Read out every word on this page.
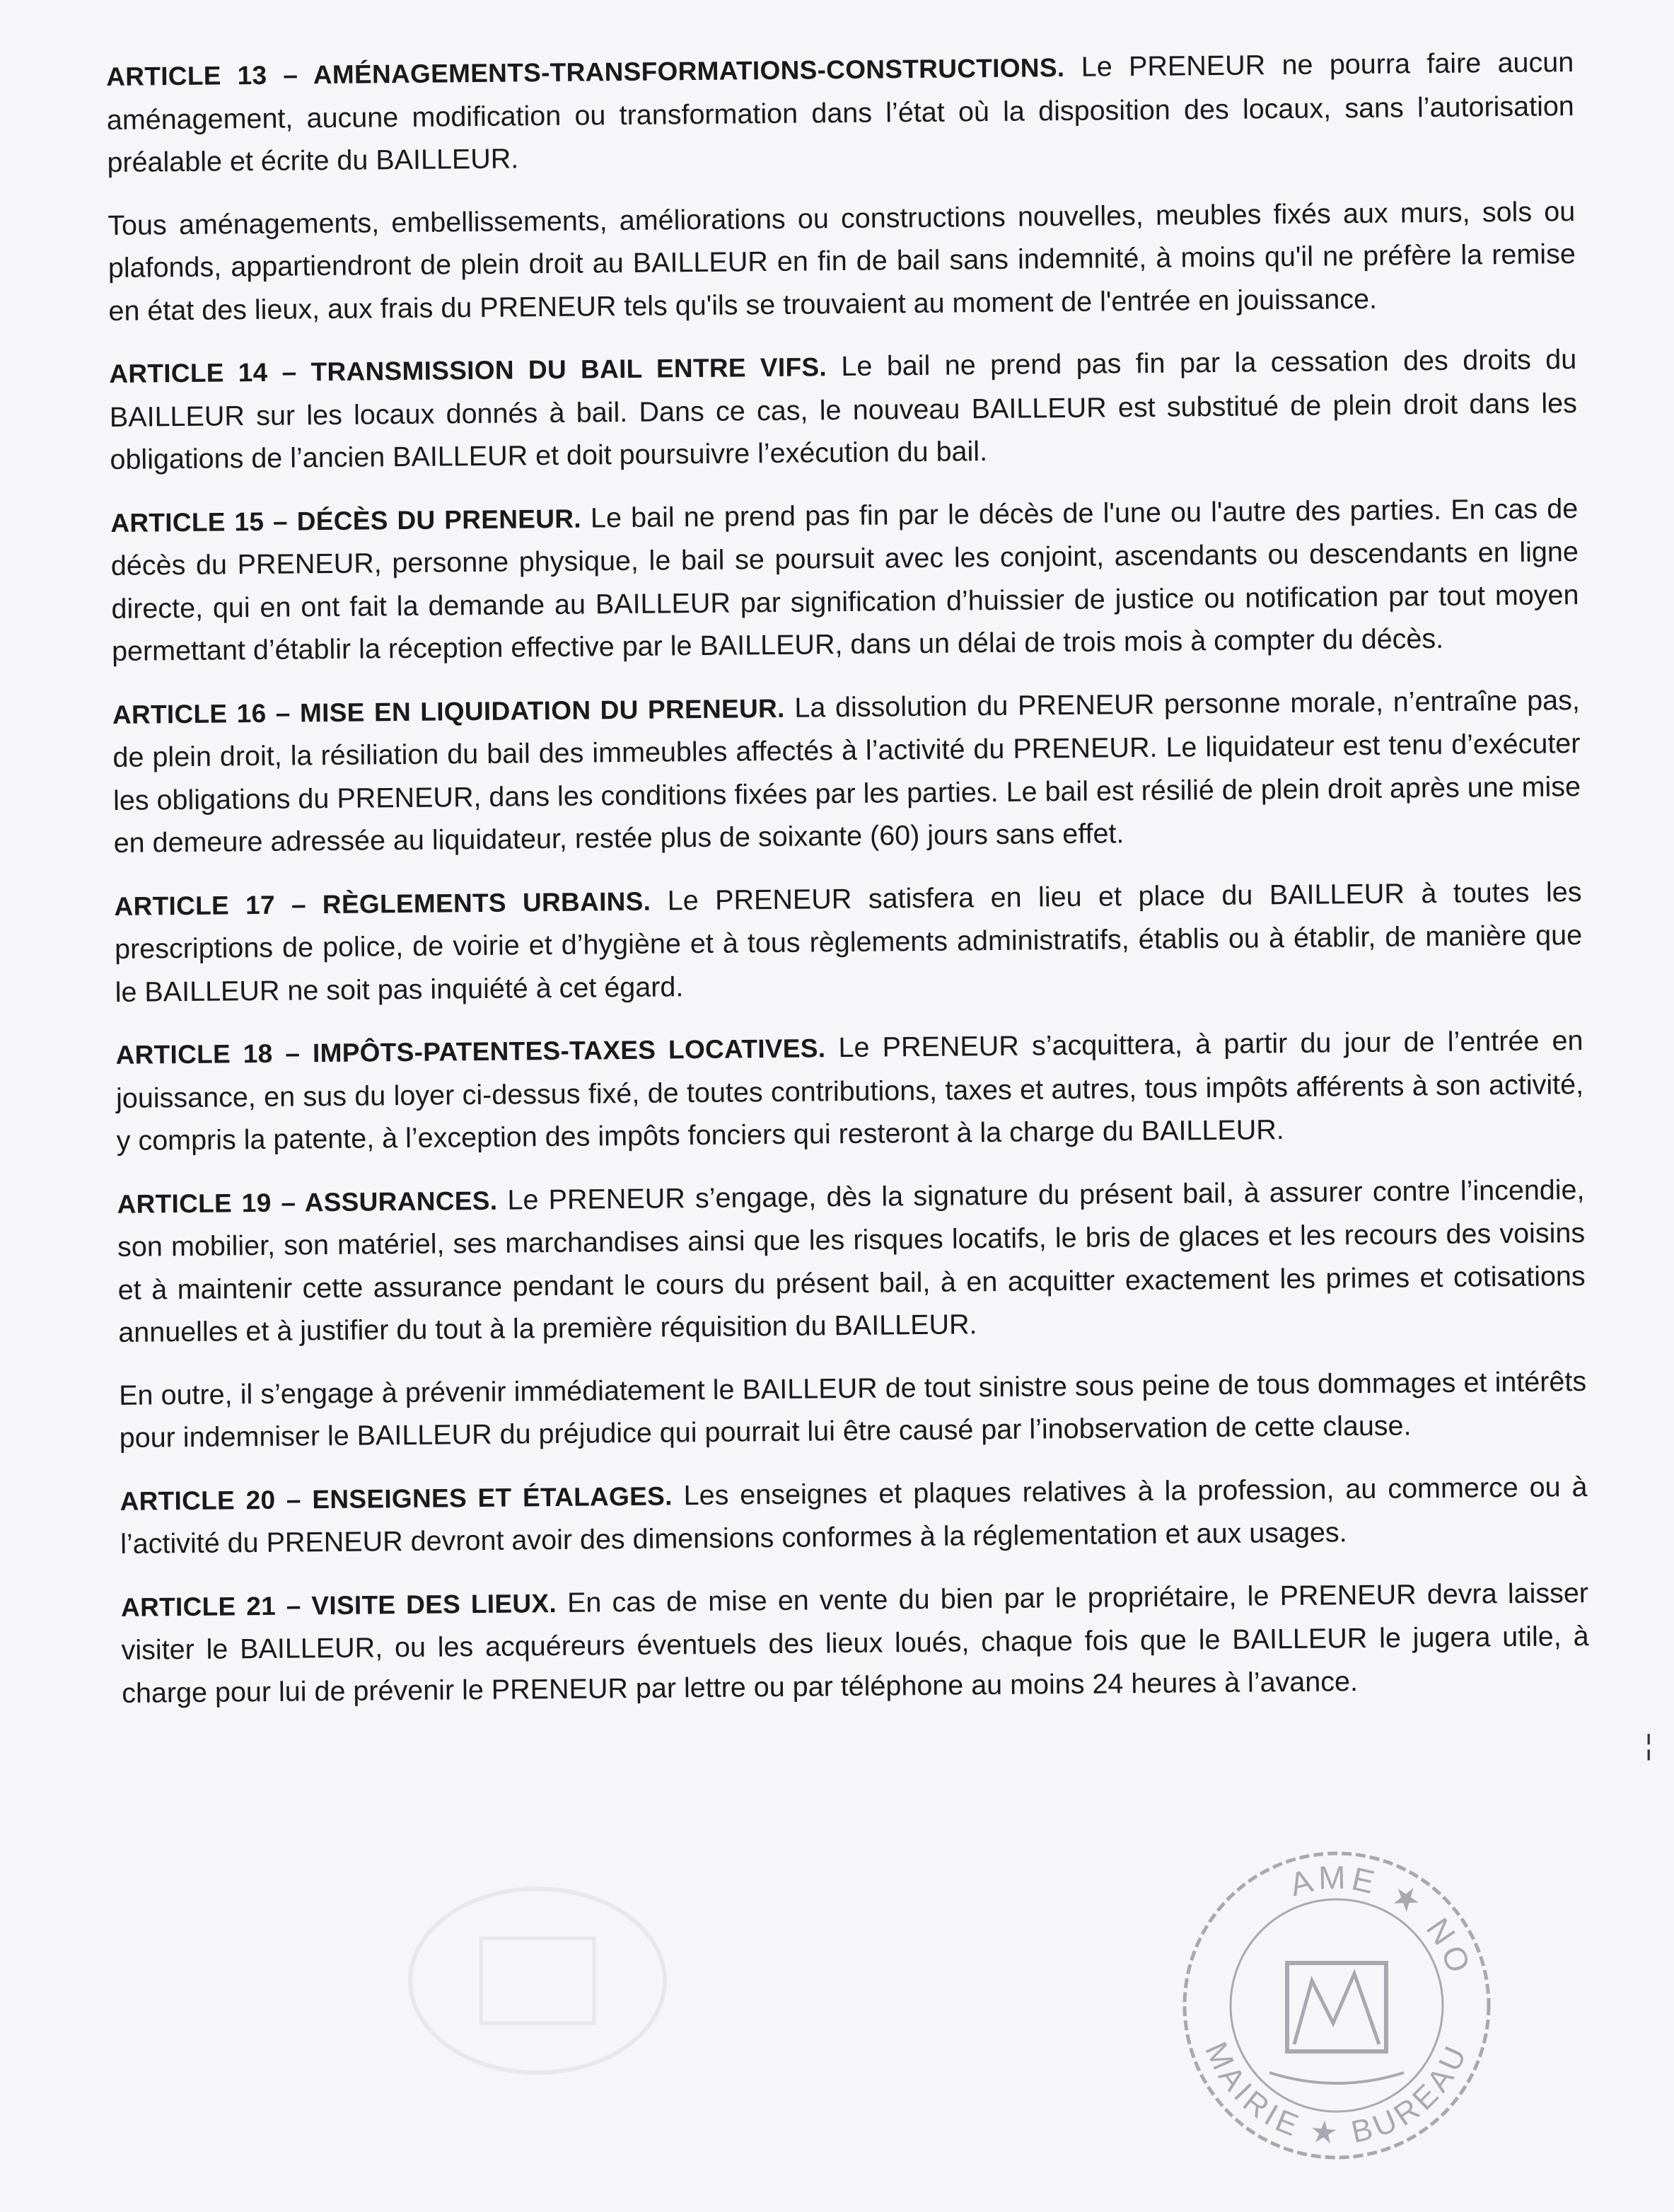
ARTICLE 13 – AMÉNAGEMENTS-TRANSFORMATIONS-CONSTRUCTIONS. Le PRENEUR ne pourra faire aucun aménagement, aucune modification ou transformation dans l’état où la disposition des locaux, sans l’autorisation préalable et écrite du BAILLEUR.

Tous aménagements, embellissements, améliorations ou constructions nouvelles, meubles fixés aux murs, sols ou plafonds, appartiendront de plein droit au BAILLEUR en fin de bail sans indemnité, à moins qu'il ne préfère la remise en état des lieux, aux frais du PRENEUR tels qu'ils se trouvaient au moment de l'entrée en jouissance.

ARTICLE 14 – TRANSMISSION DU BAIL ENTRE VIFS. Le bail ne prend pas fin par la cessation des droits du BAILLEUR sur les locaux donnés à bail. Dans ce cas, le nouveau BAILLEUR est substitué de plein droit dans les obligations de l’ancien BAILLEUR et doit poursuivre l’exécution du bail.

ARTICLE 15 – DÉCÈS DU PRENEUR. Le bail ne prend pas fin par le décès de l'une ou l'autre des parties. En cas de décès du PRENEUR, personne physique, le bail se poursuit avec les conjoint, ascendants ou descendants en ligne directe, qui en ont fait la demande au BAILLEUR par signification d’huissier de justice ou notification par tout moyen permettant d’établir la réception effective par le BAILLEUR, dans un délai de trois mois à compter du décès.

ARTICLE 16 – MISE EN LIQUIDATION DU PRENEUR. La dissolution du PRENEUR personne morale, n’entraîne pas, de plein droit, la résiliation du bail des immeubles affectés à l’activité du PRENEUR. Le liquidateur est tenu d’exécuter les obligations du PRENEUR, dans les conditions fixées par les parties. Le bail est résilié de plein droit après une mise en demeure adressée au liquidateur, restée plus de soixante (60) jours sans effet.

ARTICLE 17 – RÈGLEMENTS URBAINS. Le PRENEUR satisfera en lieu et place du BAILLEUR à toutes les prescriptions de police, de voirie et d’hygiène et à tous règlements administratifs, établis ou à établir, de manière que le BAILLEUR ne soit pas inquiété à cet égard.

ARTICLE 18 – IMPÔTS-PATENTES-TAXES LOCATIVES. Le PRENEUR s’acquittera, à partir du jour de l’entrée en jouissance, en sus du loyer ci-dessus fixé, de toutes contributions, taxes et autres, tous impôts afférents à son activité, y compris la patente, à l’exception des impôts fonciers qui resteront à la charge du BAILLEUR.

ARTICLE 19 – ASSURANCES. Le PRENEUR s’engage, dès la signature du présent bail, à assurer contre l’incendie, son mobilier, son matériel, ses marchandises ainsi que les risques locatifs, le bris de glaces et les recours des voisins et à maintenir cette assurance pendant le cours du présent bail, à en acquitter exactement les primes et cotisations annuelles et à justifier du tout à la première réquisition du BAILLEUR.

En outre, il s’engage à prévenir immédiatement le BAILLEUR de tout sinistre sous peine de tous dommages et intérêts pour indemniser le BAILLEUR du préjudice qui pourrait lui être causé par l’inobservation de cette clause.

ARTICLE 20 – ENSEIGNES ET ÉTALAGES. Les enseignes et plaques relatives à la profession, au commerce ou à l’activité du PRENEUR devront avoir des dimensions conformes à la réglementation et aux usages.

ARTICLE 21 – VISITE DES LIEUX. En cas de mise en vente du bien par le propriétaire, le PRENEUR devra laisser visiter le BAILLEUR, ou les acquéreurs éventuels des lieux loués, chaque fois que le BAILLEUR le jugera utile, à charge pour lui de prévenir le PRENEUR par lettre ou par téléphone au moins 24 heures à l’avance.

AME ★ NO
MAIRIE ★ BUREAU
¦
